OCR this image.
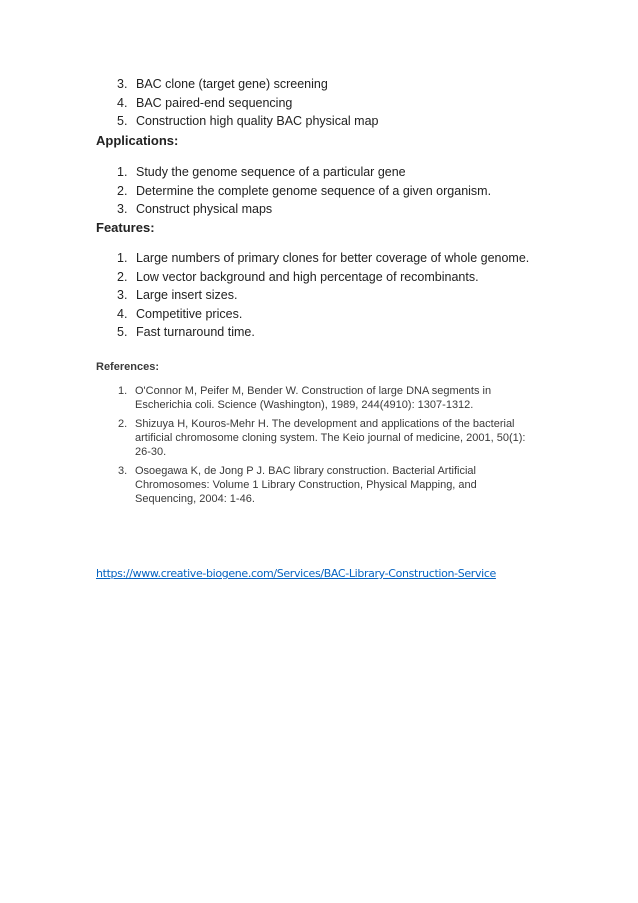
3. BAC clone (target gene) screening
4. BAC paired-end sequencing
5. Construction high quality BAC physical map
Applications:
1. Study the genome sequence of a particular gene
2. Determine the complete genome sequence of a given organism.
3. Construct physical maps
Features:
1. Large numbers of primary clones for better coverage of whole genome.
2. Low vector background and high percentage of recombinants.
3. Large insert sizes.
4. Competitive prices.
5. Fast turnaround time.
References:
1. O'Connor M, Peifer M, Bender W. Construction of large DNA segments in Escherichia coli. Science (Washington), 1989, 244(4910): 1307-1312.
2. Shizuya H, Kouros-Mehr H. The development and applications of the bacterial artificial chromosome cloning system. The Keio journal of medicine, 2001, 50(1): 26-30.
3. Osoegawa K, de Jong P J. BAC library construction. Bacterial Artificial Chromosomes: Volume 1 Library Construction, Physical Mapping, and Sequencing, 2004: 1-46.
https://www.creative-biogene.com/Services/BAC-Library-Construction-Service
